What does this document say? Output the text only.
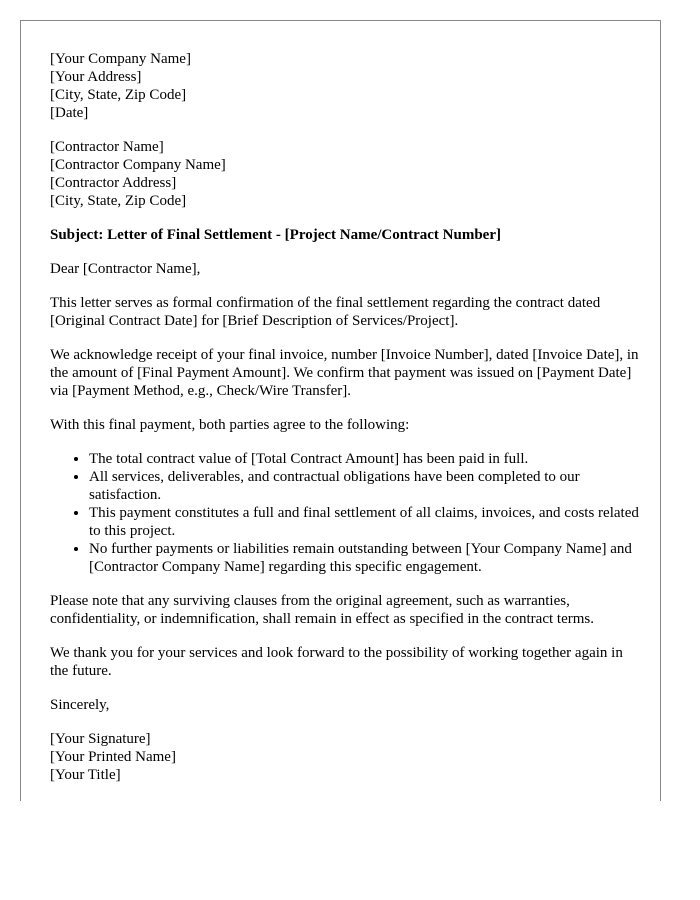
[Your Company Name]
[Your Address]
[City, State, Zip Code]
[Date]
[Contractor Name]
[Contractor Company Name]
[Contractor Address]
[City, State, Zip Code]

Subject: Letter of Final Settlement - [Project Name/Contract Number]

Dear [Contractor Name],

This letter serves as formal confirmation of the final settlement regarding the contract dated [Original Contract Date] for [Brief Description of Services/Project].

We acknowledge receipt of your final invoice, number [Invoice Number], dated [Invoice Date], in the amount of [Final Payment Amount]. We confirm that payment was issued on [Payment Date] via [Payment Method, e.g., Check/Wire Transfer].

With this final payment, both parties agree to the following:

• The total contract value of [Total Contract Amount] has been paid in full.
• All services, deliverables, and contractual obligations have been completed to our satisfaction.
• This payment constitutes a full and final settlement of all claims, invoices, and costs related to this project.
• No further payments or liabilities remain outstanding between [Your Company Name] and [Contractor Company Name] regarding this specific engagement.

Please note that any surviving clauses from the original agreement, such as warranties, confidentiality, or indemnification, shall remain in effect as specified in the contract terms.

We thank you for your services and look forward to the possibility of working together again in the future.

Sincerely,

[Your Signature]
[Your Printed Name]
[Your Title]
